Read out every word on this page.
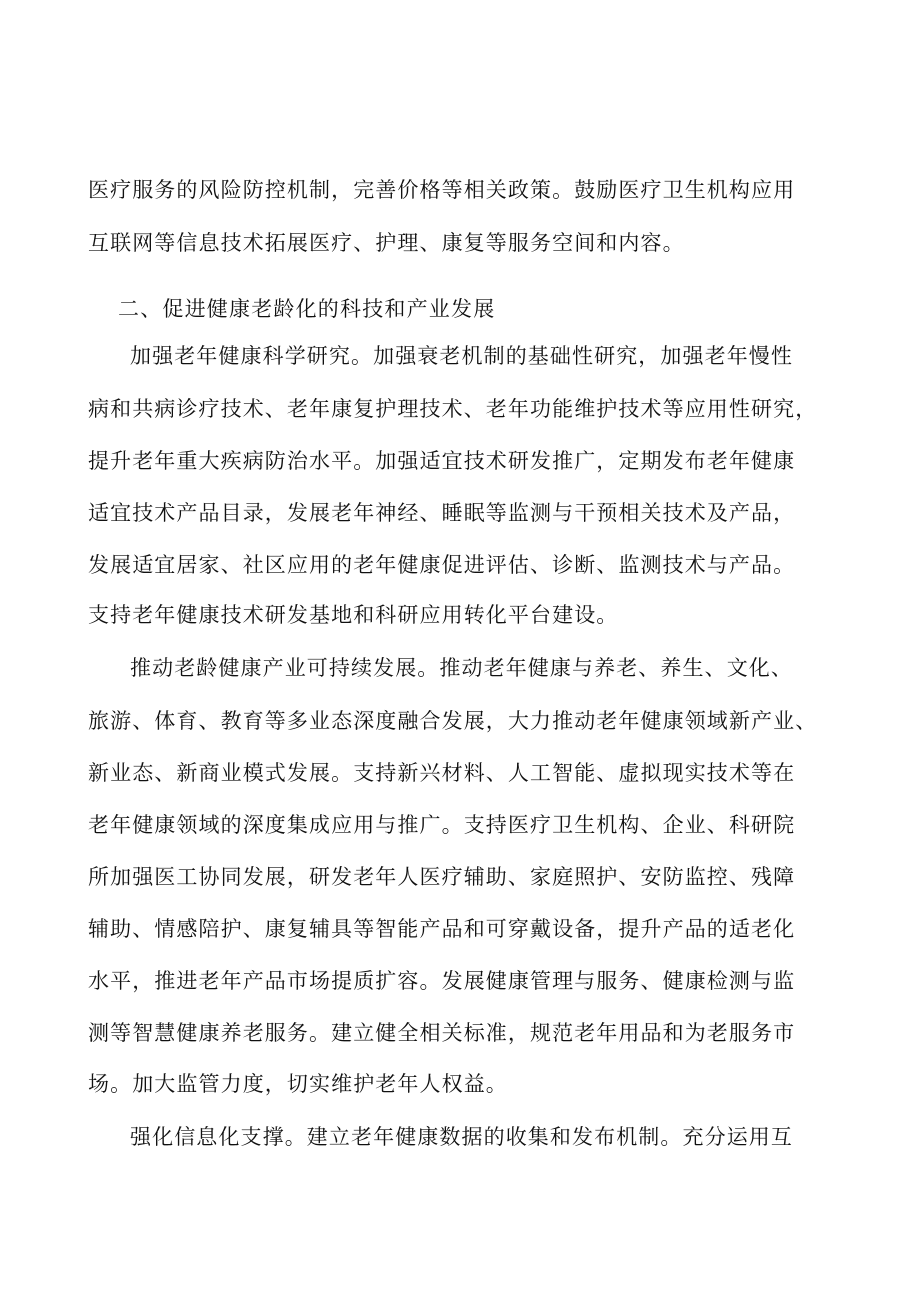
医疗服务的风险防控机制，完善价格等相关政策。鼓励医疗卫生机构应用
互联网等信息技术拓展医疗、护理、康复等服务空间和内容。
二、促进健康老龄化的科技和产业发展
加强老年健康科学研究。加强衰老机制的基础性研究，加强老年慢性
病和共病诊疗技术、老年康复护理技术、老年功能维护技术等应用性研究，
提升老年重大疾病防治水平。加强适宜技术研发推广，定期发布老年健康
适宜技术产品目录，发展老年神经、睡眠等监测与干预相关技术及产品，
发展适宜居家、社区应用的老年健康促进评估、诊断、监测技术与产品。
支持老年健康技术研发基地和科研应用转化平台建设。
推动老龄健康产业可持续发展。推动老年健康与养老、养生、文化、
旅游、体育、教育等多业态深度融合发展，大力推动老年健康领域新产业、
新业态、新商业模式发展。支持新兴材料、人工智能、虚拟现实技术等在
老年健康领域的深度集成应用与推广。支持医疗卫生机构、企业、科研院
所加强医工协同发展，研发老年人医疗辅助、家庭照护、安防监控、残障
辅助、情感陪护、康复辅具等智能产品和可穿戴设备，提升产品的适老化
水平，推进老年产品市场提质扩容。发展健康管理与服务、健康检测与监
测等智慧健康养老服务。建立健全相关标准，规范老年用品和为老服务市
场。加大监管力度，切实维护老年人权益。
强化信息化支撑。建立老年健康数据的收集和发布机制。充分运用互
